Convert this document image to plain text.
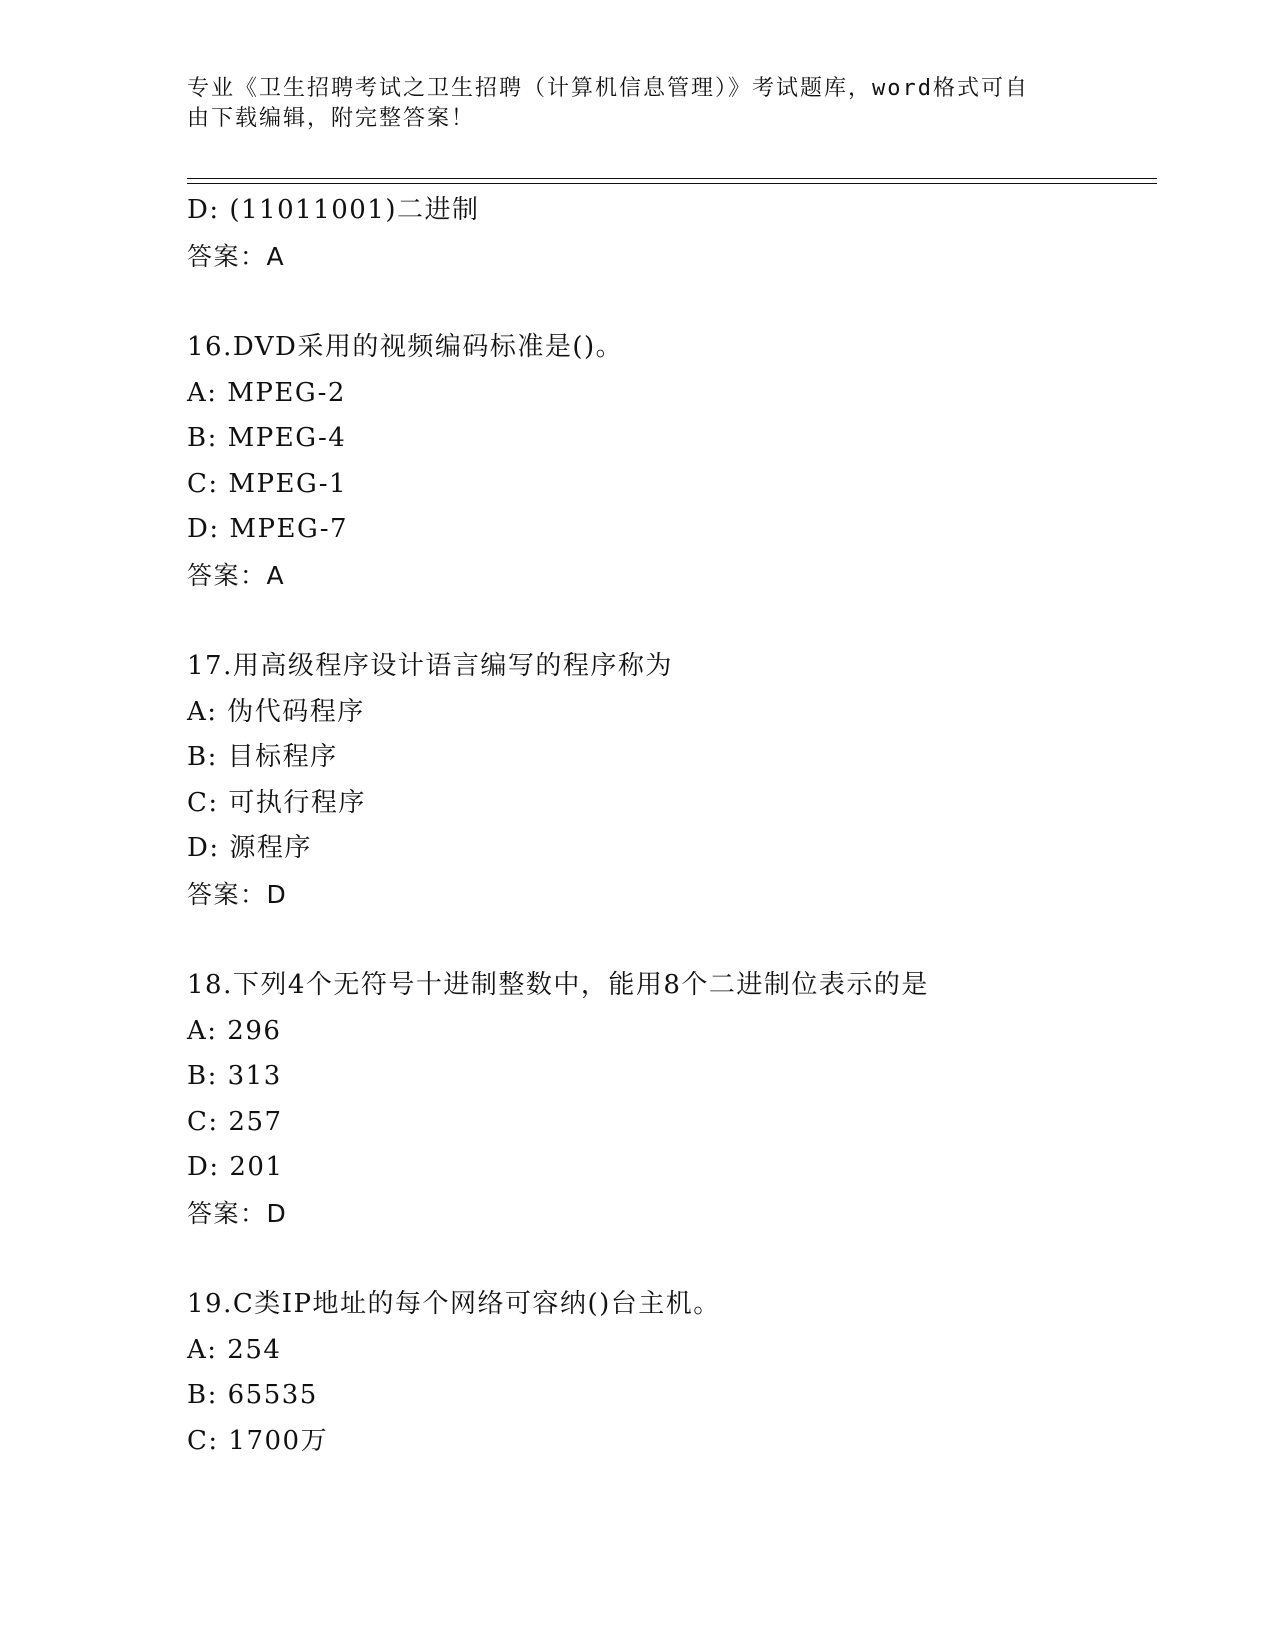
专业《卫生招聘考试之卫生招聘（计算机信息管理）》考试题库，word格式可自
由下载编辑，附完整答案！
D: (11011001)二进制
答案：A
16.DVD采用的视频编码标准是()。
A: MPEG-2
B: MPEG-4
C: MPEG-1
D: MPEG-7
答案：A
17.用高级程序设计语言编写的程序称为
A: 伪代码程序
B: 目标程序
C: 可执行程序
D: 源程序
答案：D
18.下列4个无符号十进制整数中，能用8个二进制位表示的是
A: 296
B: 313
C: 257
D: 201
答案：D
19.C类IP地址的每个网络可容纳()台主机。
A: 254
B: 65535
C: 1700万
